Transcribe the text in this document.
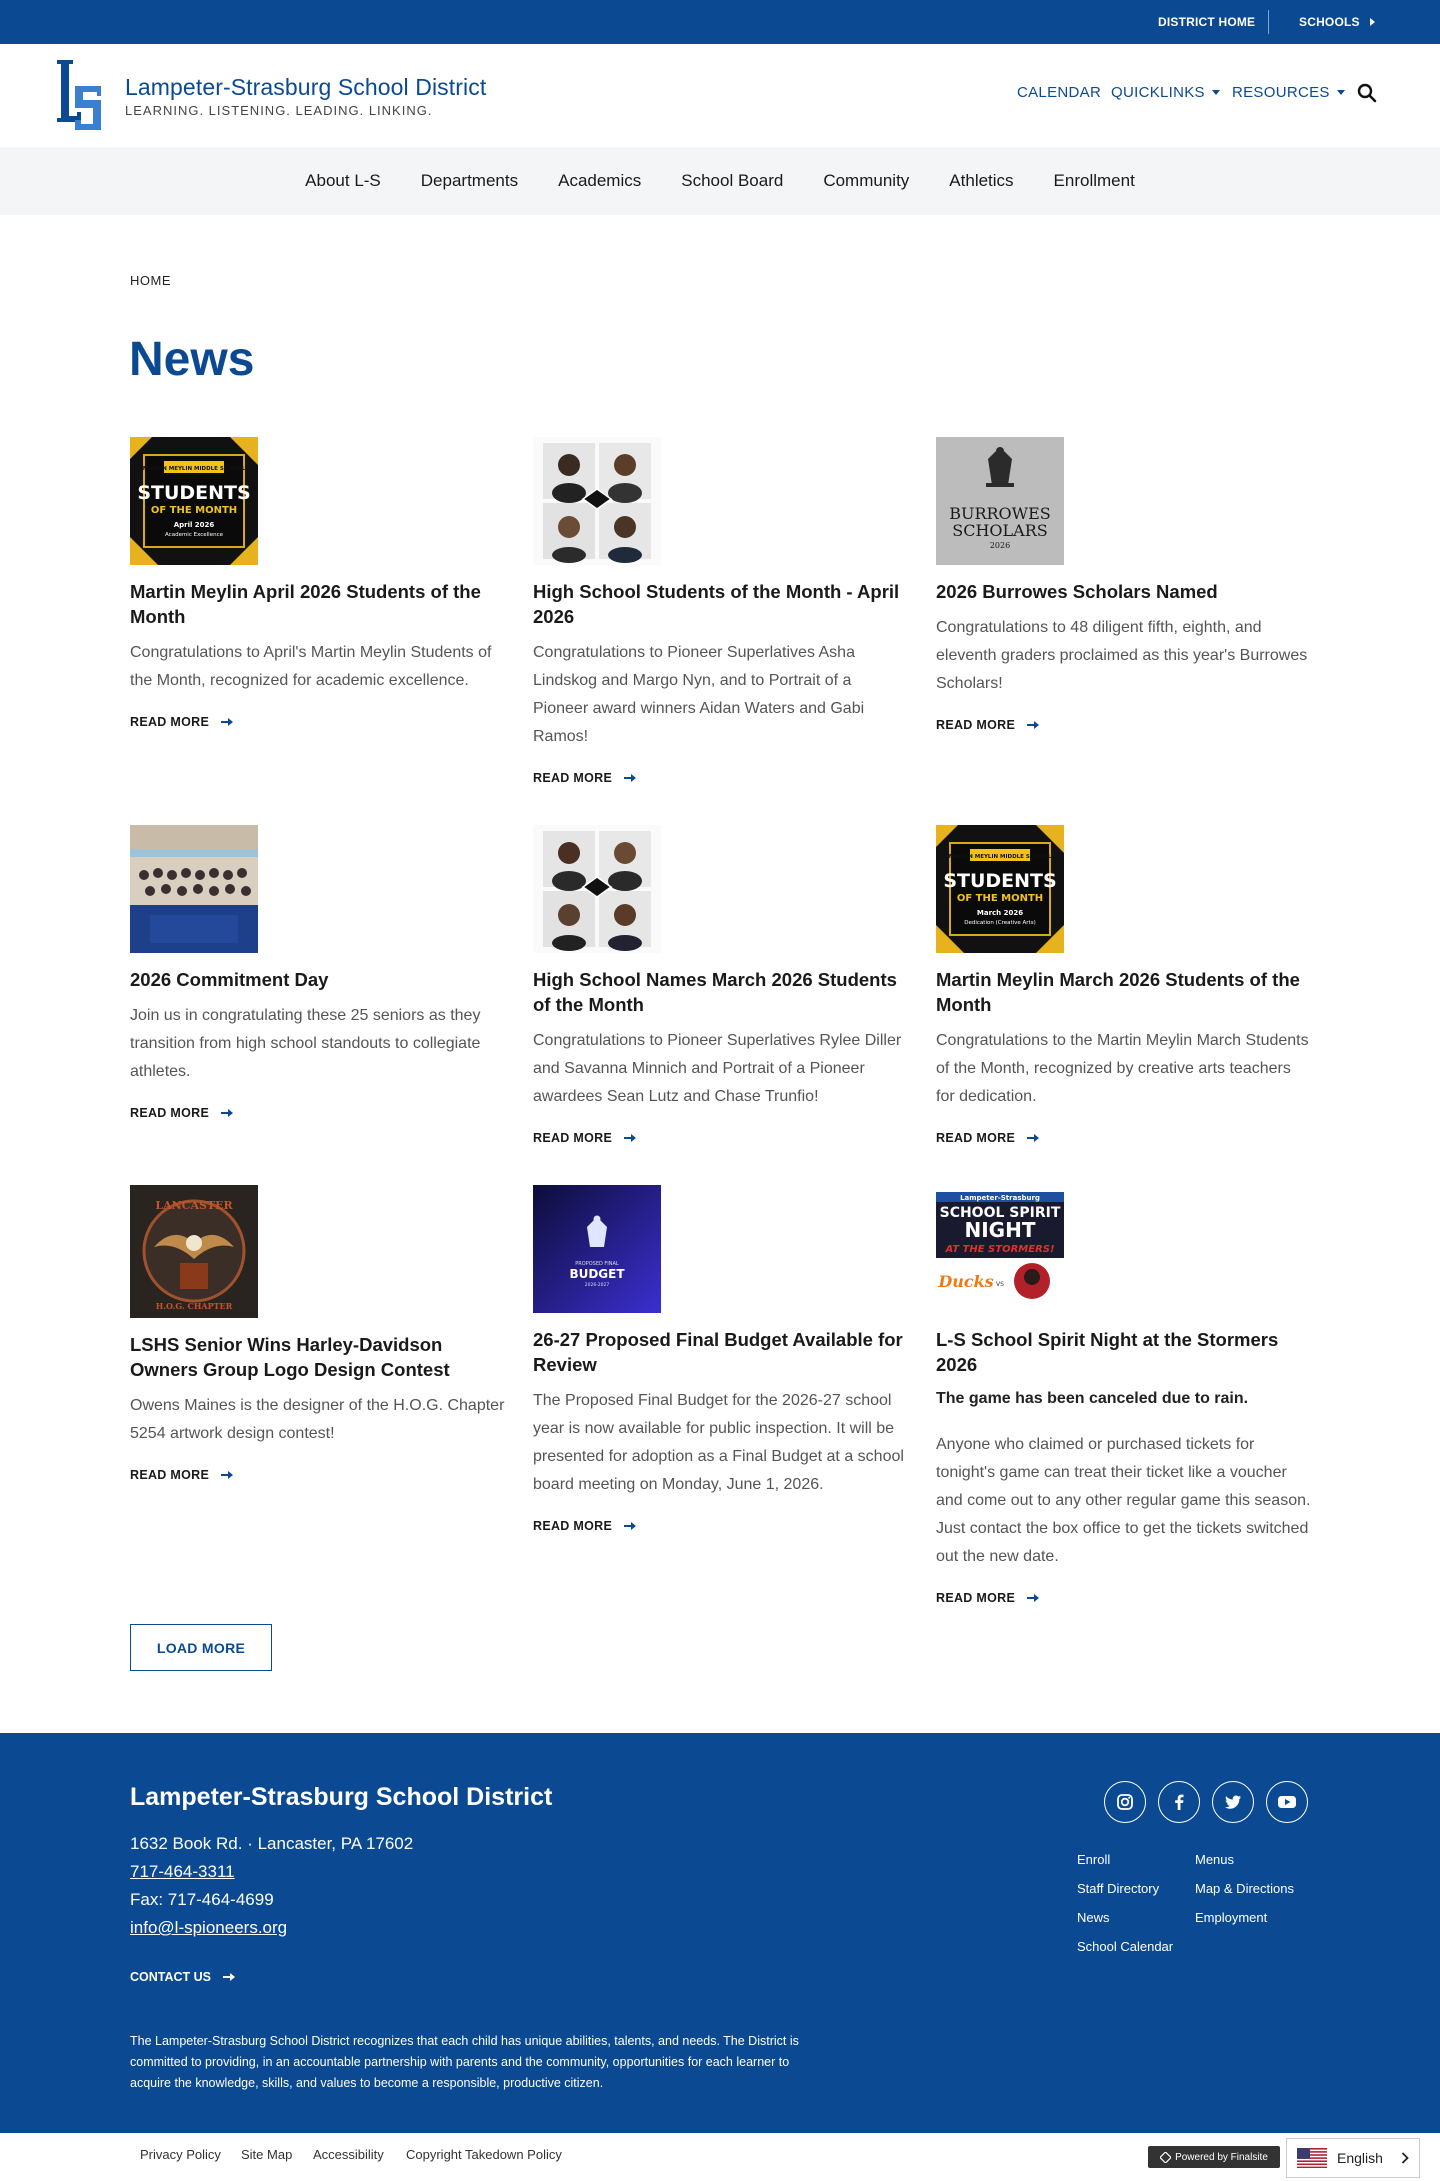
DISTRICT HOME	SCHOOLS
Lampeter-Strasburg School District
LEARNING. LISTENING. LEADING. LINKING.
CALENDAR QUICKLINKS RESOURCES
About L-S Departments Academics School Board Community Athletics Enrollment
HOME
News
MARTIN MEYLIN MIDDLE SCHOOL
STUDENTS
OF THE MONTH
April 2026
Academic Excellence
Martin Meylin April 2026 Students of the Month

Congratulations to April's Martin Meylin Students of the Month, recognized for academic excellence.

READ MORE
High School Students of the Month - April 2026

Congratulations to Pioneer Superlatives Asha Lindskog and Margo Nyn, and to Portrait of a Pioneer award winners Aidan Waters and Gabi Ramos!

READ MORE
BURROWES
SCHOLARS
2026
2026 Burrowes Scholars Named

Congratulations to 48 diligent fifth, eighth, and eleventh graders proclaimed as this year's Burrowes Scholars!

READ MORE
2026 Commitment Day

Join us in congratulating these 25 seniors as they transition from high school standouts to collegiate athletes.

READ MORE
High School Names March 2026 Students of the Month

Congratulations to Pioneer Superlatives Rylee Diller and Savanna Minnich and Portrait of a Pioneer awardees Sean Lutz and Chase Trunfio!

READ MORE
MARTIN MEYLIN MIDDLE SCHOOL
STUDENTS
OF THE MONTH
March 2026
Dedication (Creative Arts)
Martin Meylin March 2026 Students of the Month

Congratulations to the Martin Meylin March Students of the Month, recognized by creative arts teachers for dedication.

READ MORE
LANCASTER
H.O.G. CHAPTER
LSHS Senior Wins Harley-Davidson Owners Group Logo Design Contest

Owens Maines is the designer of the H.O.G. Chapter 5254 artwork design contest!

READ MORE
PROPOSED FINAL
BUDGET
2026-2027
26-27 Proposed Final Budget Available for Review

The Proposed Final Budget for the 2026-27 school year is now available for public inspection. It will be presented for adoption as a Final Budget at a school board meeting on Monday, June 1, 2026.

READ MORE
Lampeter-Strasburg
SCHOOL SPIRIT
NIGHT
AT THE STORMERS!
Ducks VS
L-S School Spirit Night at the Stormers 2026

The game has been canceled due to rain.

Anyone who claimed or purchased tickets for tonight's game can treat their ticket like a voucher and come out to any other regular game this season. Just contact the box office to get the tickets switched out the new date.

READ MORE
LOAD MORE
Lampeter-Strasburg School District
1632 Book Rd. · Lancaster, PA 17602
717-464-3311
Fax: 717-464-4699
info@l-spioneers.org
CONTACT US

The Lampeter-Strasburg School District recognizes that each child has unique abilities, talents, and needs. The District is committed to providing, in an accountable partnership with parents and the community, opportunities for each learner to acquire the knowledge, skills, and values to become a responsible, productive citizen.

Enroll
Staff Directory
News
School Calendar
Menus
Map & Directions
Employment
Privacy Policy Site Map Accessibility Copyright Takedown Policy	Powered by Finalsite	English
